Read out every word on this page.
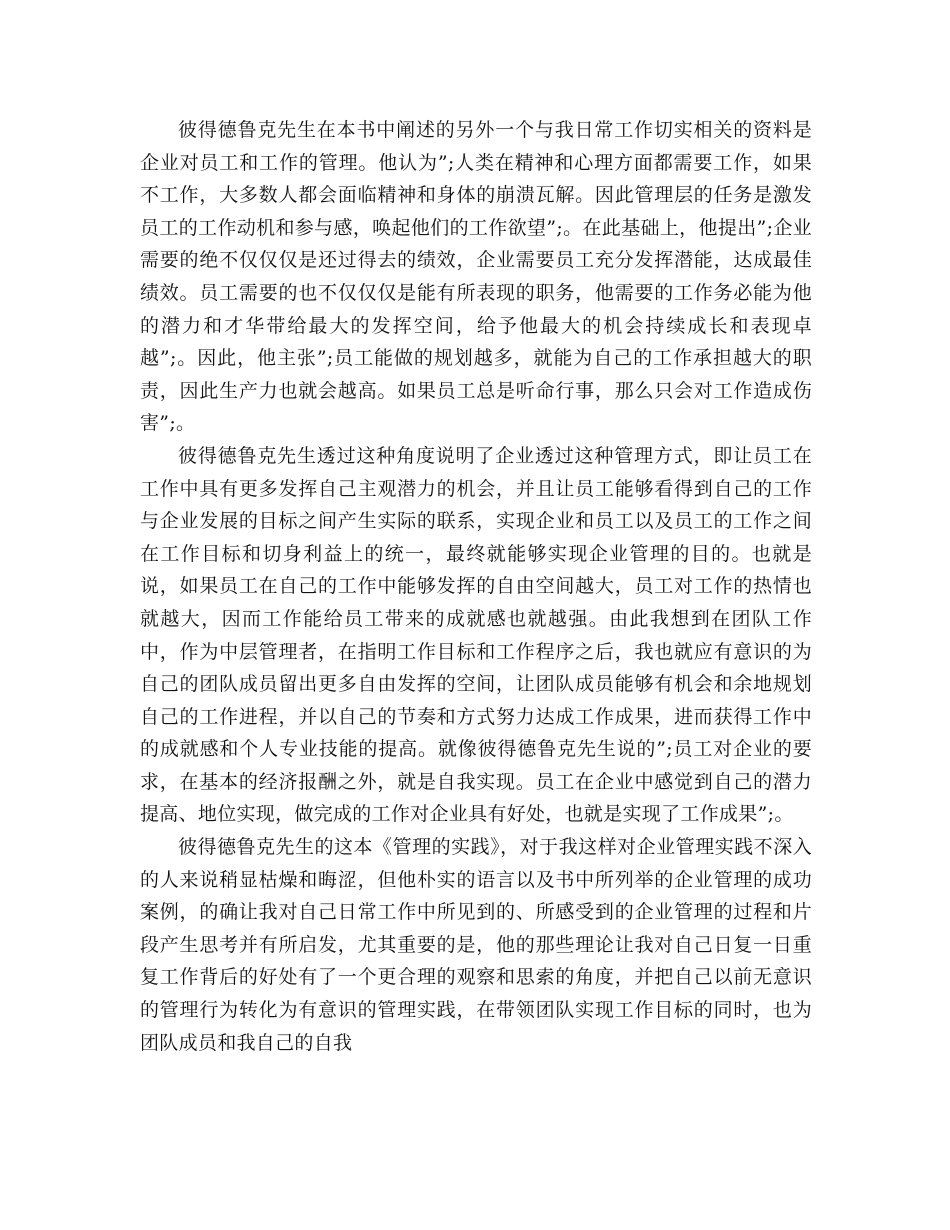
彼得德鲁克先生在本书中阐述的另外一个与我日常工作切实相关的资料是企业对员工和工作的管理。他认为”;人类在精神和心理方面都需要工作，如果不工作，大多数人都会面临精神和身体的崩溃瓦解。因此管理层的任务是激发员工的工作动机和参与感，唤起他们的工作欲望”;。在此基础上，他提出”;企业需要的绝不仅仅仅是还过得去的绩效，企业需要员工充分发挥潜能，达成最佳绩效。员工需要的也不仅仅仅是能有所表现的职务，他需要的工作务必能为他的潜力和才华带给最大的发挥空间，给予他最大的机会持续成长和表现卓越”;。因此，他主张”;员工能做的规划越多，就能为自己的工作承担越大的职责，因此生产力也就会越高。如果员工总是听命行事，那么只会对工作造成伤害”;。

彼得德鲁克先生透过这种角度说明了企业透过这种管理方式，即让员工在工作中具有更多发挥自己主观潜力的机会，并且让员工能够看得到自己的工作与企业发展的目标之间产生实际的联系，实现企业和员工以及员工的工作之间在工作目标和切身利益上的统一，最终就能够实现企业管理的目的。也就是说，如果员工在自己的工作中能够发挥的自由空间越大，员工对工作的热情也就越大，因而工作能给员工带来的成就感也就越强。由此我想到在团队工作中，作为中层管理者，在指明工作目标和工作程序之后，我也就应有意识的为自己的团队成员留出更多自由发挥的空间，让团队成员能够有机会和余地规划自己的工作进程，并以自己的节奏和方式努力达成工作成果，进而获得工作中的成就感和个人专业技能的提高。就像彼得德鲁克先生说的”;员工对企业的要求，在基本的经济报酬之外，就是自我实现。员工在企业中感觉到自己的潜力提高、地位实现，做完成的工作对企业具有好处，也就是实现了工作成果”;。

彼得德鲁克先生的这本《管理的实践》，对于我这样对企业管理实践不深入的人来说稍显枯燥和晦涩，但他朴实的语言以及书中所列举的企业管理的成功案例，的确让我对自己日常工作中所见到的、所感受到的企业管理的过程和片段产生思考并有所启发，尤其重要的是，他的那些理论让我对自己日复一日重复工作背后的好处有了一个更合理的观察和思索的角度，并把自己以前无意识的管理行为转化为有意识的管理实践，在带领团队实现工作目标的同时，也为团队成员和我自己的自我
